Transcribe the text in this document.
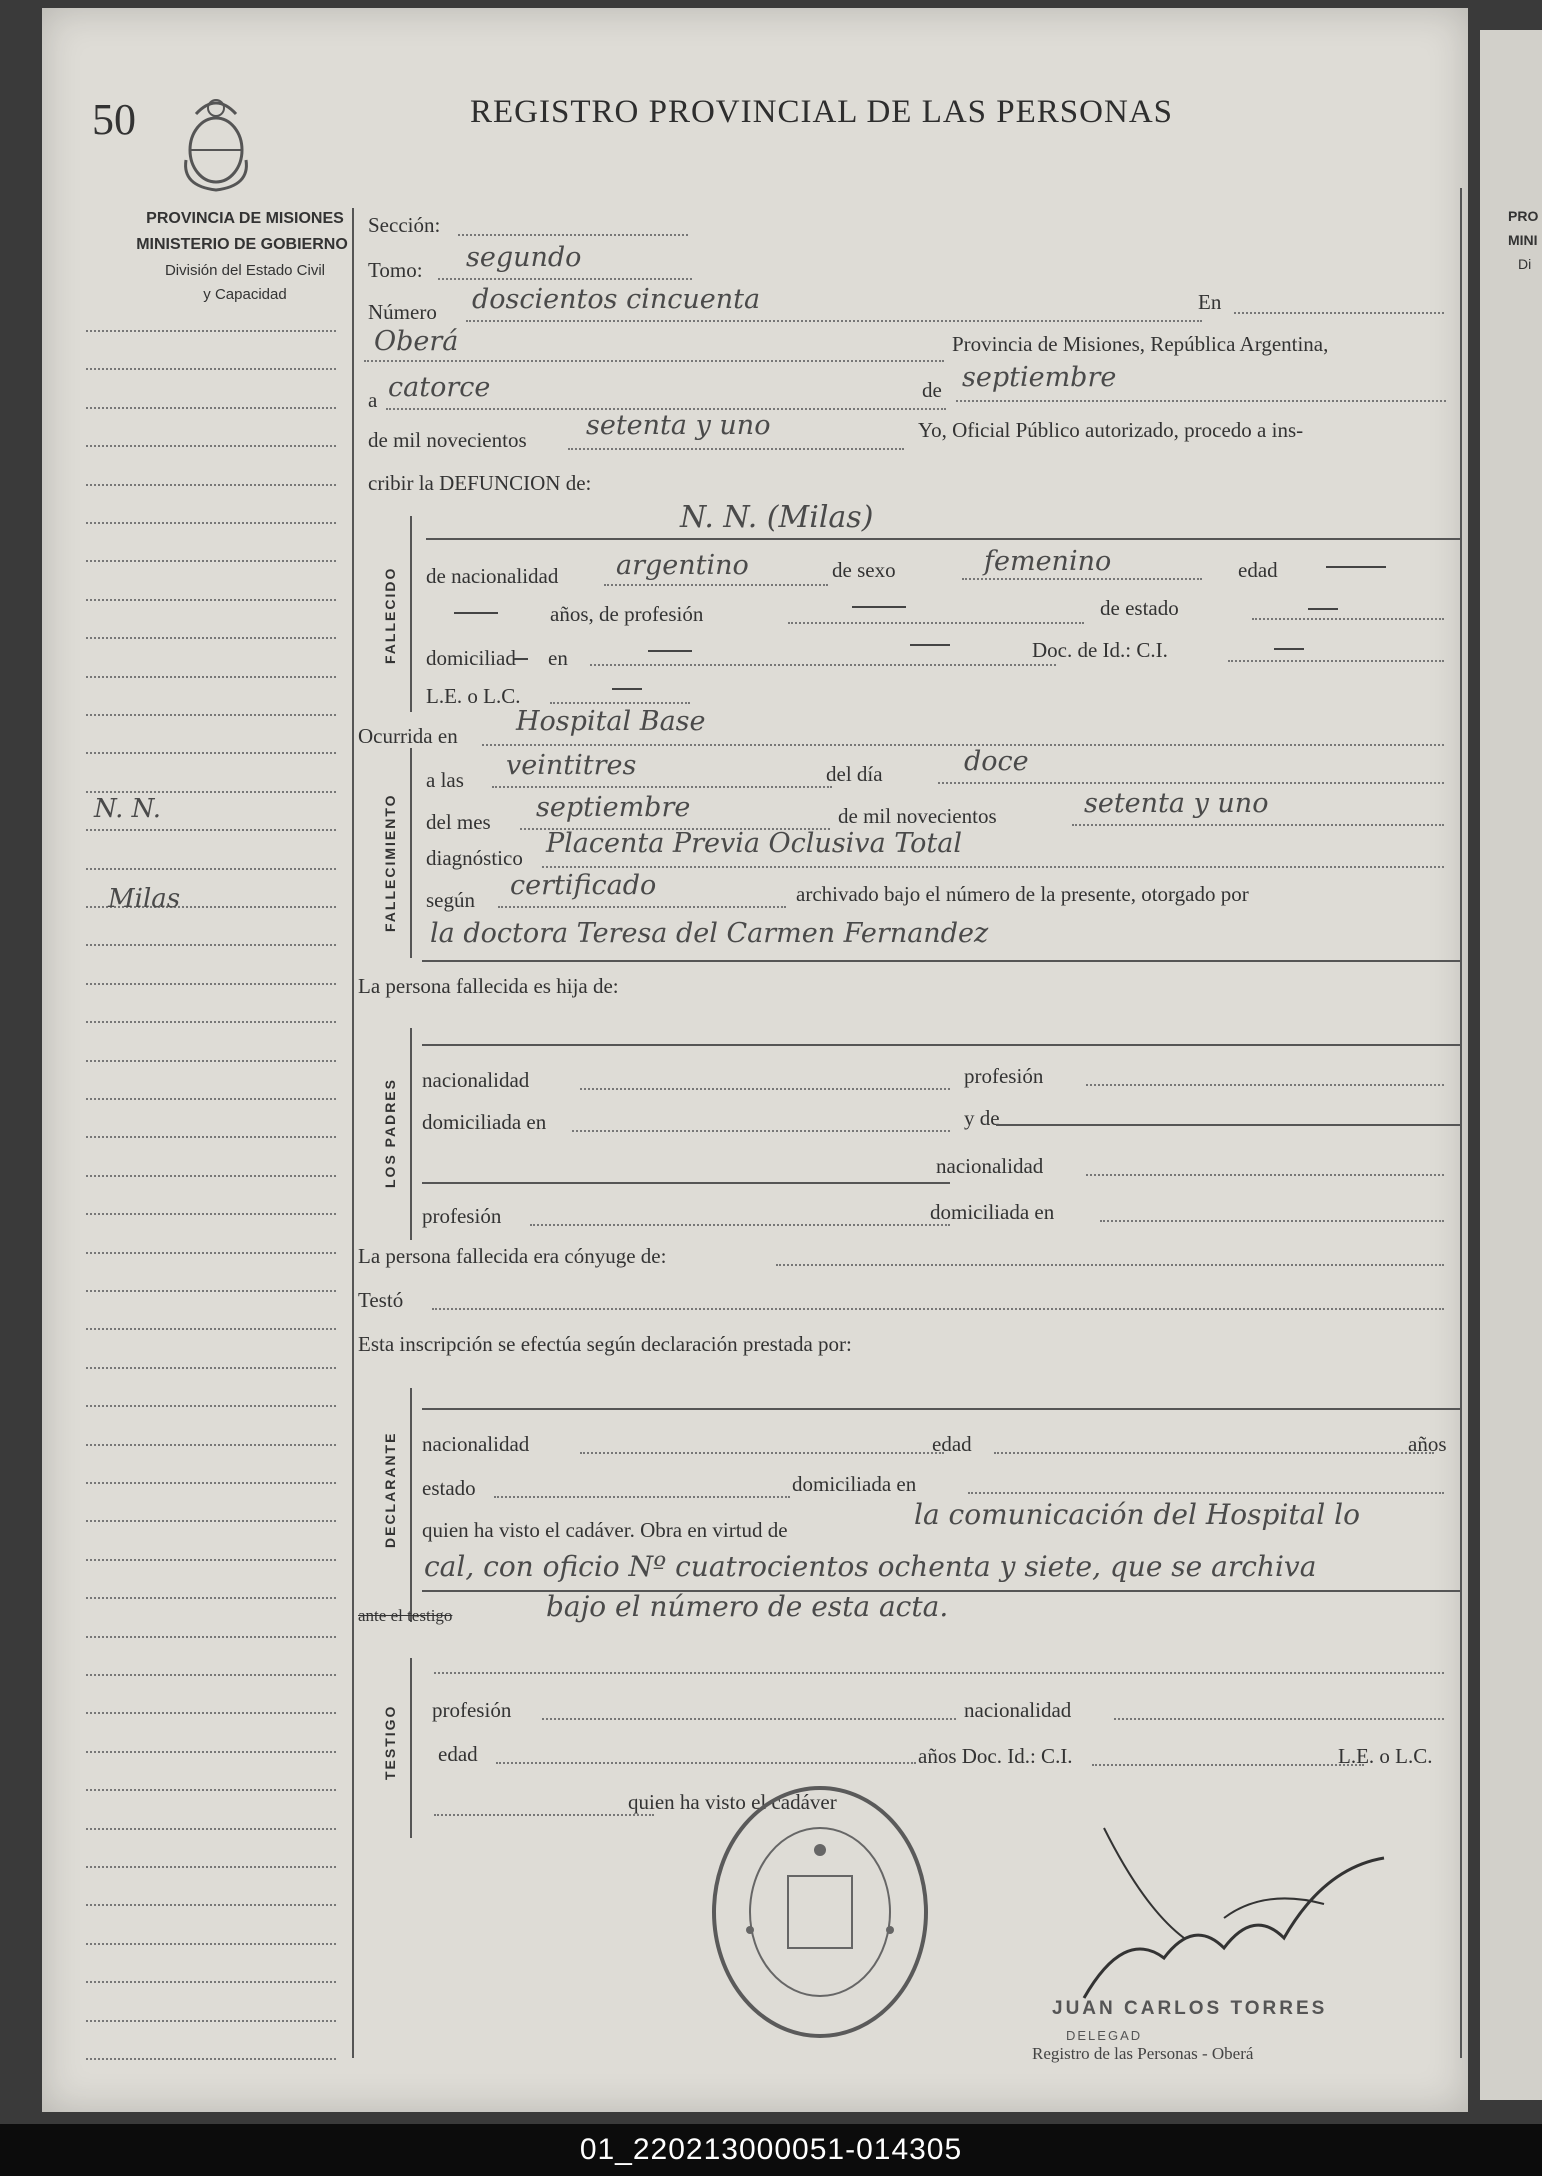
PRO
MINI
Di
50	REGISTRO PROVINCIAL DE LAS PERSONAS
PROVINCIA DE MISIONES
MINISTERIO DE GOBIERNO
División del Estado Civil
y Capacidad
N. N.
Milas
Sección:
Tomo: segundo
Número doscientos cincuenta	En
Oberá	Provincia de Misiones, República Argentina,
a catorce	de septiembre
de mil novecientos setenta y uno	Yo, Oficial Público autorizado, procedo a ins-
cribir la DEFUNCION de:
FALLECIDO
N. N. (Milas)
de nacionalidad argentino	de sexo	femenino	edad
años, de profesión	de estado
domiciliad en	Doc. de Id.: C.I.
L.E. o L.C.
Ocurrida en Hospital Base
FALLECIMIENTO
a las veintitres	del día	doce
del mes septiembre	de mil novecientos	setenta y uno
diagnóstico Placenta Previa Oclusiva Total
según certificado	archivado bajo el número de la presente, otorgado por
la doctora Teresa del Carmen Fernandez
La persona fallecida es hija de:
LOS PADRES nacionalidad	profesión
domiciliada en	y de
nacionalidad
profesión	domiciliada en
La persona fallecida era cónyuge de:
Testó
Esta inscripción se efectúa según declaración prestada por:
DECLARANTE nacionalidad	edad	años
estado	domiciliada en
quien ha visto el cadáver. Obra en virtud de	la comunicación del Hospital lo
cal, con oficio Nº cuatrocientos ochenta y siete, que se archiva
ante el testigo	bajo el número de esta acta.
TESTIGO profesión	nacionalidad
edad	años Doc. Id.: C.I.	L.E. o L.C.
quien ha visto el cadáver
JUAN CARLOS TORRES
DELEGAD
Registro de las Personas - Oberá
01_220213000051-014305
